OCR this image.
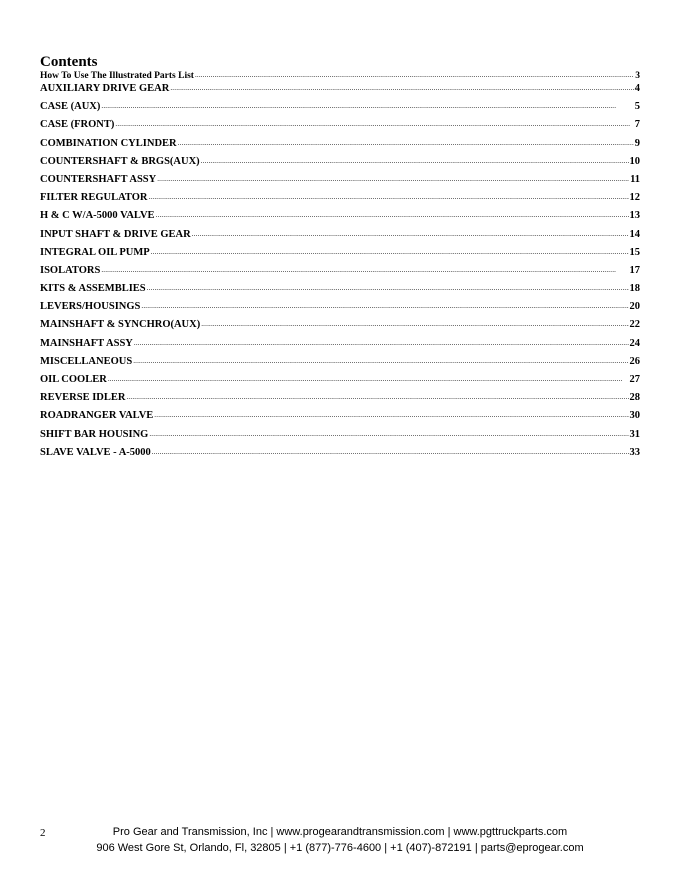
Contents
How To Use The Illustrated Parts List .....	3
AUXILIARY DRIVE GEAR .....	4
CASE (AUX) .....	5
CASE (FRONT) .....	7
COMBINATION CYLINDER .....	9
COUNTERSHAFT & BRGS(AUX) .....	10
COUNTERSHAFT ASSY .....	11
FILTER REGULATOR .....	12
H & C W/A-5000 VALVE .....	13
INPUT SHAFT & DRIVE GEAR .....	14
INTEGRAL OIL PUMP .....	15
ISOLATORS .....	17
KITS & ASSEMBLIES .....	18
LEVERS/HOUSINGS .....	20
MAINSHAFT & SYNCHRO(AUX) .....	22
MAINSHAFT ASSY .....	24
MISCELLANEOUS .....	26
OIL COOLER .....	27
REVERSE IDLER .....	28
ROADRANGER VALVE .....	30
SHIFT BAR HOUSING .....	31
SLAVE VALVE - A-5000 .....	33
2	Pro Gear and Transmission, Inc | www.progearandtransmission.com | www.pgttruckparts.com
906 West Gore St, Orlando, Fl, 32805 | +1 (877)-776-4600 | +1 (407)-872191 | parts@eprogear.com
